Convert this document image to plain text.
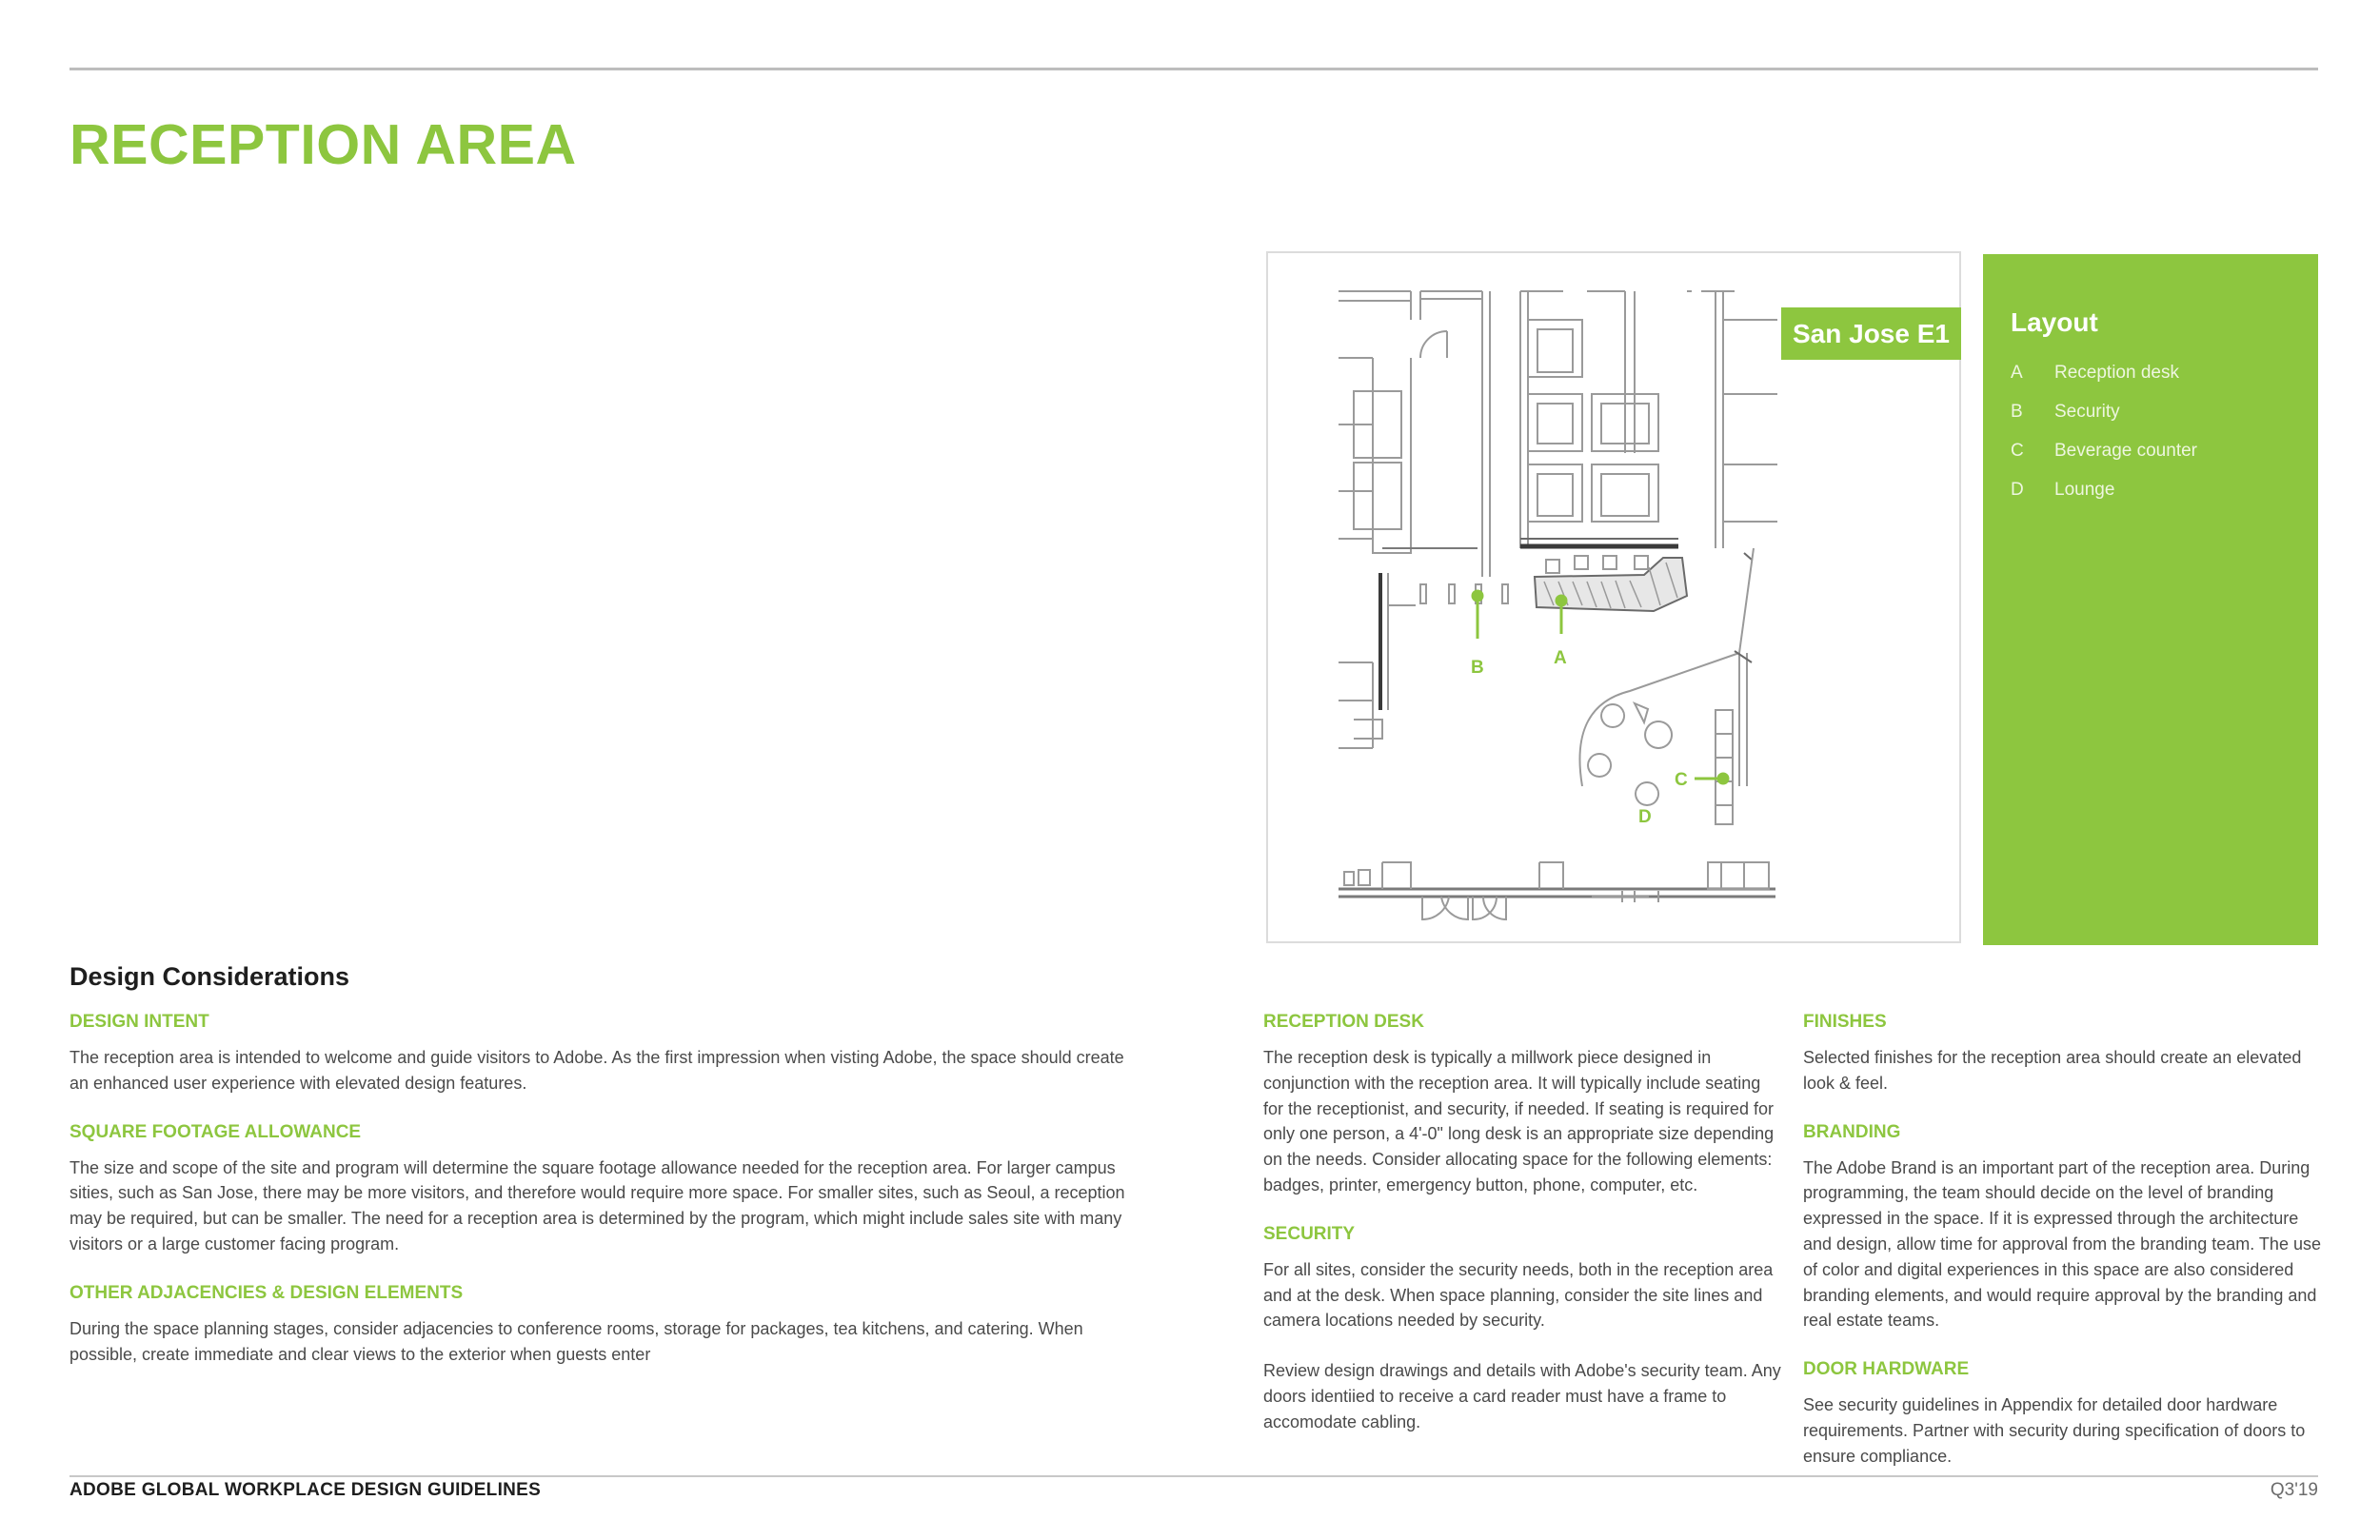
RECEPTION AREA
A
B
C
D
San Jose E1	Layout
A	Reception desk
B	Security
C	Beverage counter
D	Lounge
Design Considerations
DESIGN INTENT

The reception area is intended to welcome and guide visitors to Adobe. As the first impression when visting Adobe, the space should create an enhanced user experience with elevated design features.

SQUARE FOOTAGE ALLOWANCE

The size and scope of the site and program will determine the square footage allowance needed for the reception area. For larger campus sities, such as San Jose, there may be more visitors, and therefore would require more space. For smaller sites, such as Seoul, a reception may be required, but can be smaller. The need for a reception area is determined by the program, which might include sales site with many visitors or a large customer facing program.

OTHER ADJACENCIES & DESIGN ELEMENTS

During the space planning stages, consider adjacencies to conference rooms, storage for packages, tea kitchens, and catering. When possible, create immediate and clear views to the exterior when guests enter

RECEPTION DESK

The reception desk is typically a millwork piece designed in conjunction with the reception area. It will typically include seating for the receptionist, and security, if needed. If seating is required for only one person, a 4'-0" long desk is an appropriate size depending on the needs. Consider allocating space for the following elements: badges, printer, emergency button, phone, computer, etc.

SECURITY

For all sites, consider the security needs, both in the reception area and at the desk. When space planning, consider the site lines and camera locations needed by security.

Review design drawings and details with Adobe's security team. Any doors identiied to receive a card reader must have a frame to accomodate cabling.

FINISHES

Selected finishes for the reception area should create an elevated look & feel.

BRANDING

The Adobe Brand is an important part of the reception area. During programming, the team should decide on the level of branding expressed in the space. If it is expressed through the architecture and design, allow time for approval from the branding team. The use of color and digital experiences in this space are also considered branding elements, and would require approval by the branding and real estate teams.

DOOR HARDWARE

See security guidelines in Appendix for detailed door hardware requirements. Partner with security during specification of doors to ensure compliance.

ADOBE GLOBAL WORKPLACE DESIGN GUIDELINES	Q3'19
